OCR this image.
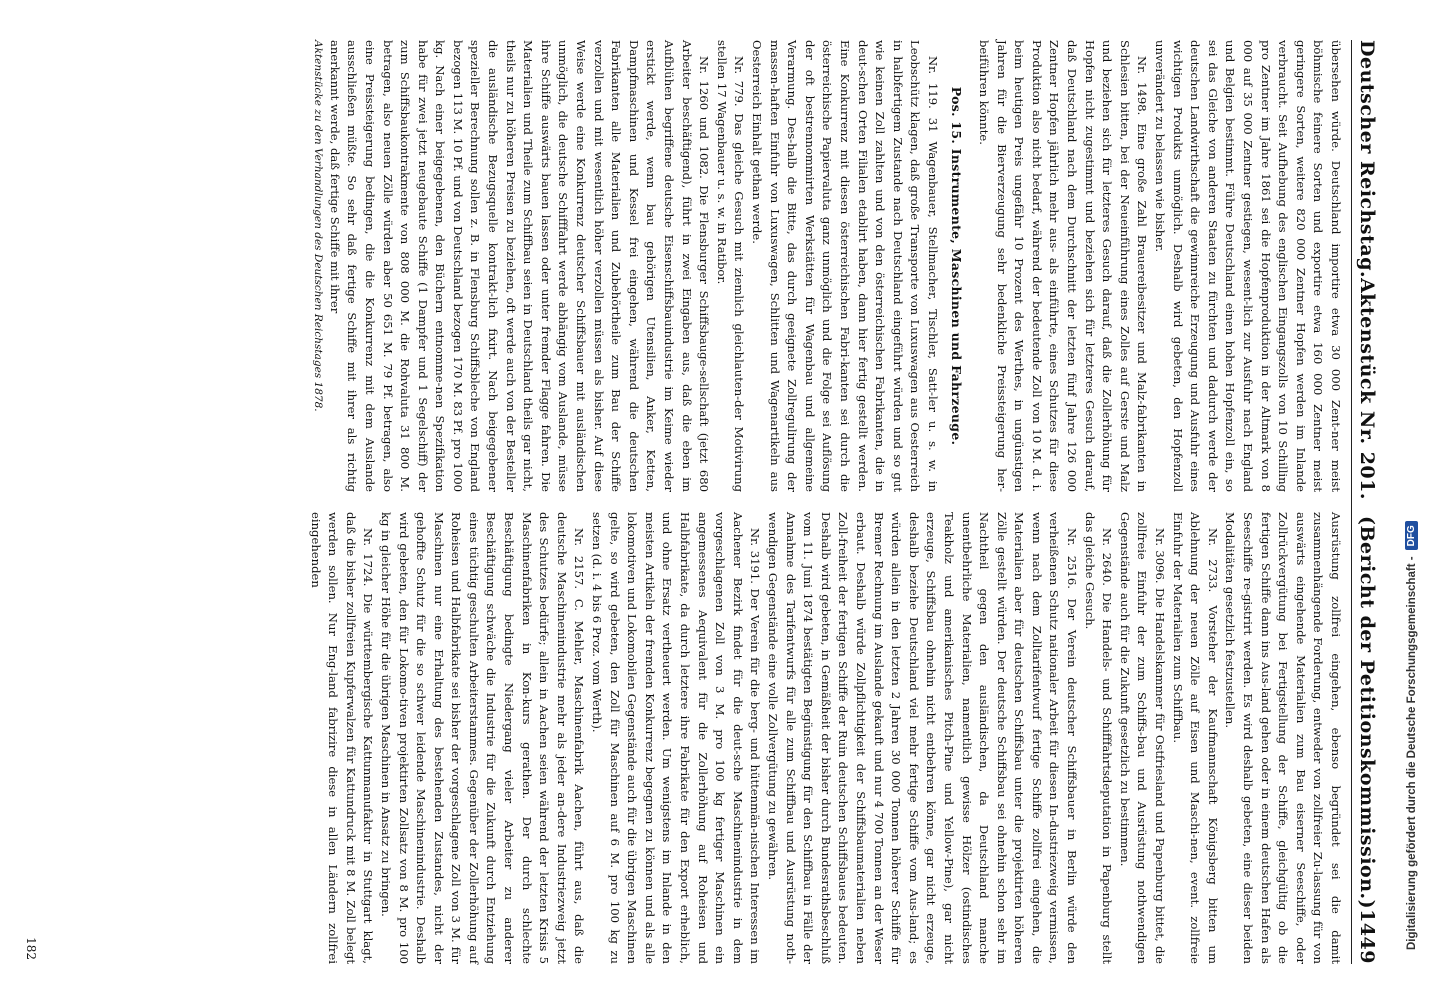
Deutscher Reichstag.
Aktenstück Nr. 201.
(Bericht der Petitionskommission.)
1449

übersehen würde. Deutschland importire etwa 30 000 Zent-ner meist böhmische feinere Sorten und exportire etwa 160 000 Zentner meist geringere Sorten, weitere 820 000 Zentner Hopfen werden im Inlande verbraucht. Seit Aufhebung des englischen Eingangszolls von 10 Schilling pro Zentner im Jahre 1861 sei die Hopfenproduktion in der Altmark von 8 000 auf 35 000 Zentner gestiegen, wesent-lich zur Ausfuhr nach England und Belgien bestimmt. Führe Deutschland einen hohen Hopfenzoll ein, so sei das Gleiche von anderen Staaten zu fürchten und dadurch werde der deutschen Landwirthschaft die gewinnreiche Erzeugung und Ausfuhr eines wichtigen Produkts unmöglich. Deshalb wird gebeten, den Hopfenzoll unverändert zu belassen wie bisher.

Nr. 1498. Eine große Zahl Brauereibesitzer und Malz-fabrikanten in Schlesien bitten, bei der Neueinführung eines Zolles auf Gerste und Malz und beziehen sich für letzteres Gesuch darauf, daß die Zollerhöhung für Hopfen nicht zugestimmt und beziehen sich für letzteres Gesuch darauf, daß Deutschland nach dem Durchschnitt der letzten fünf Jahre 126 000 Zentner Hopfen jährlich mehr aus- als einführte, eines Schutzes für diese Produktion also nicht bedarf, während der bedeutende Zoll von 10 M. d. i. beim heutigen Preis ungefähr 10 Prozent des Werthes, in ungünstigen Jahren für die Bierverzeugung sehr bedenkliche Preissteigerung her-beiführen könnte.

Pos. 15. Instrumente, Maschinen und Fahrzeuge.

Nr. 119. 31 Wagenbauer, Stellmacher, Tischler, Satt-ler u. s. w. in Leobschütz klagen, daß große Transporte von Luxuswagen aus Oesterreich in halbfertigem Zustande nach Deutschland eingeführt würden und so gut wie keinen Zoll zahlten und von den österreichischen Fabrikanten, die in deut-schen Orten Filialen etablirt haben, dann hier fertig gestellt werden. Eine Konkurrenz mit diesen österreichischen Fabri-kanten sei durch die österreichische Papiervaluta ganz unmöglich und die Folge sei Auflösung der oft bestrennommirten Werkstätten für Wagenbau und allgemeine Verarmung. Des-halb die Bitte, das durch geeignete Zollregulirung der massen-haften Einfuhr von Luxuswagen, Schlitten und Wagenartikeln aus Oesterreich Einhalt gethan werde.

Nr. 779. Das gleiche Gesuch mit ziemlich gleichlauten-der Motivirung stellen 17 Wagenbauer u. s. w. in Ratibor.

Nr. 1260 und 1082. Die Flensburger Schiffsbauge-sellschaft (jetzt 680 Arbeiter beschäftigend), führt in zwei Eingaben aus, daß die eben im Aufblühen begriffene deutsche Eisenschiffsbauindustrie im Keime wieder erstickt werde, wenn bau gehörigen Utensilien, Anker, Ketten, Dampfmaschinen und Kessel frei eingehen, während die deutschen Fabrikanten alle Materialien und Zubehörtheile zum Bau der Schiffe verzollen und mit wesentlich höher verzollen müssen als bisher. Auf diese Weise werde eine Konkurrenz deutscher Schiffsbauer mit ausländischen unmöglich, die deutsche Schifffahrt werde abhängig vom Auslande, müsse ihre Schiffe auswärts bauen lassen oder unter fremder Flagge fahren. Die Materialien und Theile zum Schiffbau seien in Deutschland theils gar nicht, theils nur zu höheren Preisen zu beziehen, oft werde auch von der Besteller die ausländische Bezugsquelle kontrakt-lich fixirt. Nach beigegebener spezieller Berechnung sollen z. B. in Flensburg Schiffsbleche von England bezogen 113 M. 10 Pf. und von Deutschland bezogen 170 M. 83 Pf. pro 1000 kg. Nach einer beigegebenen, den Büchern entnomme-nen Spezifikation habe für zwei jetzt neugebaute Schiffe (1 Dampfer und 1 Segelschiff) der zum Schiffsbaukontrakmente von 808 000 M. die Rohvaluta 31 800 M. betragen, also neuen Zölle würden aber 50 651 M. 79 Pf. betragen, also eine Preissteigerung bedingen, die die Konkurrenz mit dem Auslande ausschließen müßte. So sehr daß fertige Schiffe mit ihrer als richtig anerkannt werde, daß fertige Schiffe mit ihrer

Aktenstücke zu den Verhandlungen des Deutschen Reichstages 1878.

Ausrüstung zollfrei eingehen, ebenso begründet sei die damit zusammenhängende Forderung, entweder von zollfreier Zu-lassung für von auswärts eingehende Materialien zum Bau eiserner Seeschiffe, oder Zollrückvergütung bei Fertigstellung der Schiffe, gleichgültig ob die fertigen Schiffe dann ins Aus-land gehen oder in einem deutschen Hafen als Seeschiffe re-gistrirt werden. Es wird deshalb gebeten, eine dieser beiden Modalitäten gesetzlich festzustellen.

Nr. 2733. Vorsteher der Kaufmannschaft Königsberg bitten um Ablehnung der neuen Zölle auf Eisen und Maschi-nen, event. zollfreie Einfuhr der Materialien zum Schiffbau.

Nr. 3096. Die Handelskammer für Ostfriesland und Papenburg bittet, die zollfreie Einfuhr der zum Schiffs-bau und Ausrüstung nothwendigen Gegenstände auch für die Zukunft gesetzlich zu bestimmen.

Nr. 2640. Die Handels- und Schifffahrtsdeputation in Papenburg stellt das gleiche Gesuch.

Nr. 2516. Der Verein deutscher Schiffsbauer in Berlin würde den verheißenen Schutz nationaler Arbeit für diesen In-dustriezweig vermissen, wenn nach dem Zolltarifentwurf fertige Schiffe zollfrei eingehen, die Materialien aber für deutschen Schiffsbau unter die projektirten höheren Zölle gestellt würden. Der deutsche Schiffsbau sei ohnehin schon sehr im Nachtheil gegen den ausländischen, da Deutschland manche unentbehrliche Materialien, namentlich gewisse Hölzer (ostindisches Teakholz und amerikanisches Pitch-Pine und Yellow-Pine), gar nicht erzeuge, Schiffsbau ohnehin nicht entbehren könne, gar nicht erzeuge, deshalb beziehe Deutschland viel mehr fertige Schiffe vom Aus-land; es würden allein in den letzten 2 Jahren 30 000 Tonnen höherer Schiffe für Bremer Rechnung im Auslande gekauft und nur 4 700 Tonnen an der Weser erbaut. Deshalb würde Zollpflichtigkeit der Schiffsbaumaterialien neben Zoll-freiheit der fertigen Schiffe der Ruin deutschen Schiffsbaues bedeuten. Deshalb wird gebeten, in Gemäßheit der bisher durch Bundesrathsbeschluß vom 11. Juni 1874 bestätigten Begünstigung für den Schiffbau in Fälle der Annahme des Tarifentwurfs für alle zum Schiffbau und Ausrüstung noth-wendigen Gegenstände eine volle Zollvergütung zu gewähren.

Nr. 3191. Der Verein für die berg- und hüttenmän-nischen Interessen im Aachener Bezirk findet für die deut-sche Maschinenindustrie in dem vorgeschlagenen Zoll von 3 M. pro 100 kg fertiger Maschinen ein angemessenes Aequivalent für die Zollerhöhung auf Roheisen und Halbfabrikate, da durch letztere ihre Fabrikate für den Export erheblich, und ohne Ersatz vertheuert werden. Um wenigstens im Inlande in den meisten Artikeln der fremden Konkurrenz begegnen zu können und als alle lokomotiven und Lokomobilen Gegenstände auch für die übrigen Maschinen gelte, so wird gebeten, den Zoll für Maschinen auf 6 M. pro 100 kg zu setzen (d. i. 4 bis 6 Proz. vom Werth).

Nr. 2157. C. Mehler, Maschinenfabrik Aachen, führt aus, daß die deutsche Maschinenindustrie mehr als jeder an-dere Industriezweig jetzt des Schutzes bedürfe; allein in Aachen seien während der letzten Krisis 5 Maschinenfabriken in Kon-kurs gerathen. Der durch schlechte Beschäftigung bedingte Niedergang vieler Arbeiter zu anderer Beschäftigung schwäche die Industrie für die Zukunft durch Entziehung eines tüchtig geschulten Arbeiterstammes. Gegenüber der Zollerhöhung auf Roheisen und Halbfabrikate sei bisher der vorgeschlagene Zoll von 3 M. für Maschinen nur eine Erhaltung des bestehenden Zustandes, nicht der gehoffte Schutz für die so schwer leidende Maschinenindustrie. Deshalb wird gebeten, den für Lokomo-tiven projektirten Zollsatz von 8 M. pro 100 kg in gleicher Höhe für die übrigen Maschinen in Ansatz zu bringen.

Nr. 1724. Die württembergische Kattunmanufaktur in Stuttgart klagt, daß die bisher zollfreien Kupferwalzen für Kattundruck mit 8 M. Zoll belegt werden sollen. Nur Eng-land fabrizire diese in allen Ländern zollfrei eingehenden

182	Digitalisierung gefördert durch die Deutsche Forschungsgemeinschaft -
DFG
